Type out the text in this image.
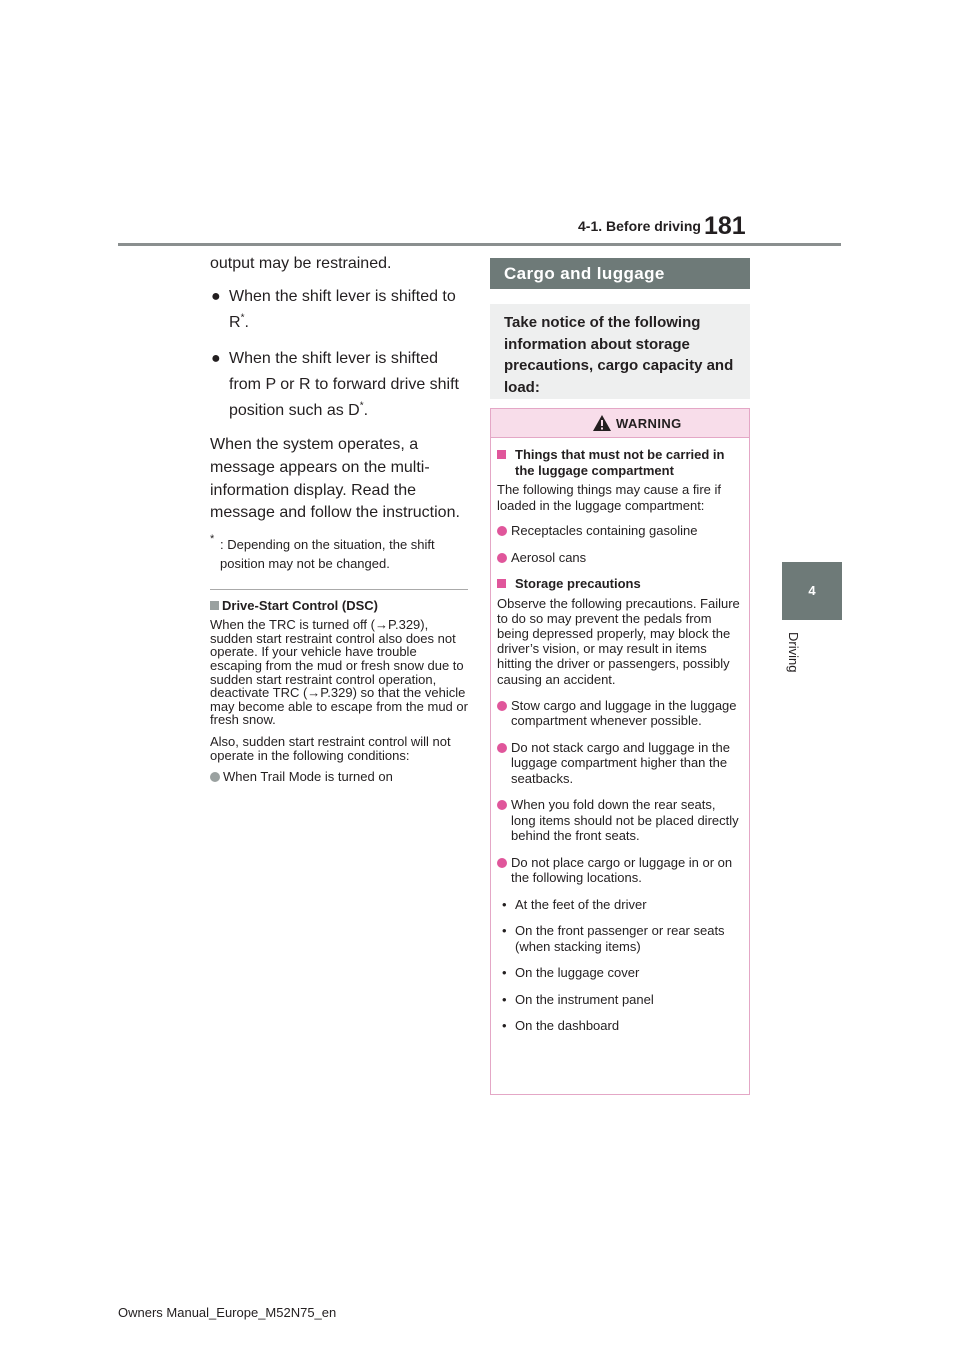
4-1. Before driving 181
4
Driving
output may be restrained.
● When the shift lever is shifted to R*.
● When the shift lever is shifted from P or R to forward drive shift position such as D*.
When the system operates, a message appears on the multi-information display. Read the message and follow the instruction.
* : Depending on the situation, the shift position may not be changed.
Drive-Start Control (DSC)
When the TRC is turned off (→P.329), sudden start restraint control also does not operate. If your vehicle have trouble escaping from the mud or fresh snow due to sudden start restraint control operation, deactivate TRC (→P.329) so that the vehicle may become able to escape from the mud or fresh snow.
Also, sudden start restraint control will not operate in the following conditions:
When Trail Mode is turned on
Cargo and luggage
Take notice of the following information about storage precautions, cargo capacity and load:
WARNING
Things that must not be carried in the luggage compartment
The following things may cause a fire if loaded in the luggage compartment:
Receptacles containing gasoline
Aerosol cans
Storage precautions
Observe the following precautions. Failure to do so may prevent the pedals from being depressed properly, may block the driver’s vision, or may result in items hitting the driver or passengers, possibly causing an accident.
Stow cargo and luggage in the luggage compartment whenever possible.
Do not stack cargo and luggage in the luggage compartment higher than the seatbacks.
When you fold down the rear seats, long items should not be placed directly behind the front seats.
Do not place cargo or luggage in or on the following locations.
• At the feet of the driver
• On the front passenger or rear seats (when stacking items)
• On the luggage cover
• On the instrument panel
• On the dashboard
Owners Manual_Europe_M52N75_en
